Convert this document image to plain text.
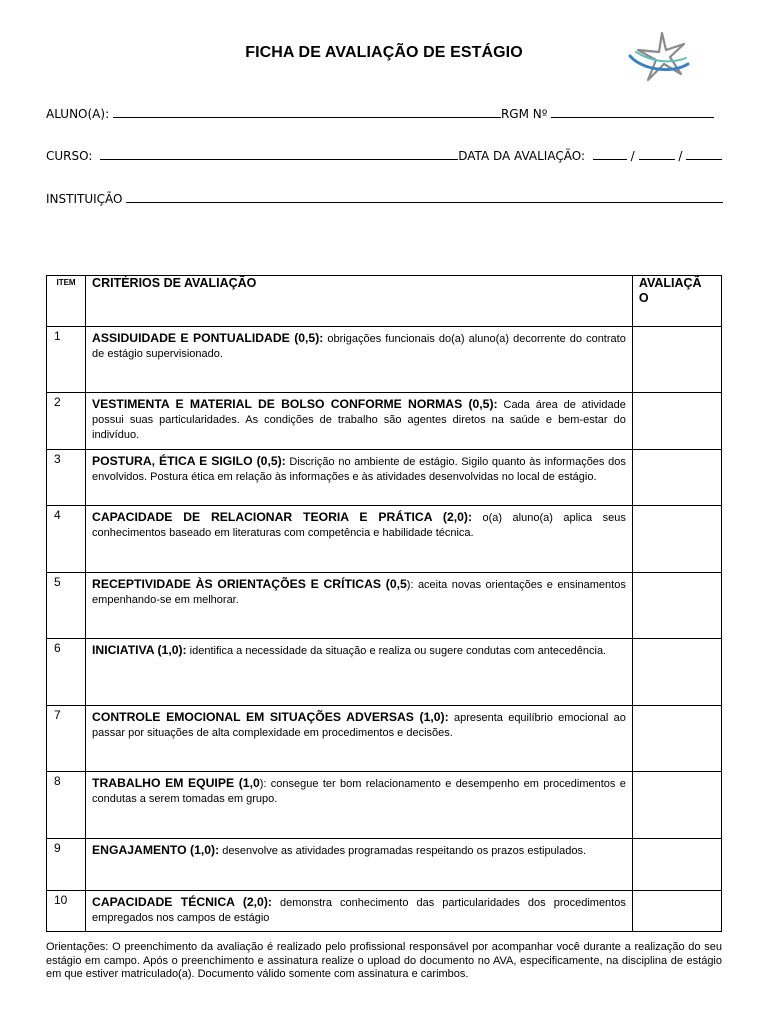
FICHA DE AVALIAÇÃO DE ESTÁGIO
ALUNO(A):	RGM Nº
CURSO:	DATA DA AVALIAÇÃO:	/	/
INSTITUIÇÃO
ITEM	CRITÉRIOS DE AVALIAÇÃO	AVALIAÇÃ
O
1	ASSIDUIDADE E PONTUALIDADE (0,5): obrigações funcionais do(a) aluno(a) decorrente do contrato de estágio supervisionado.	
2	VESTIMENTA E MATERIAL DE BOLSO CONFORME NORMAS (0,5): Cada área de atividade possui suas particularidades. As condições de trabalho são agentes diretos na saúde e bem-estar do indivíduo.	
3	POSTURA, ÉTICA E SIGILO (0,5): Discrição no ambiente de estágio. Sigilo quanto às informações dos envolvidos. Postura ética em relação às informações e às atividades desenvolvidas no local de estágio.	
4	CAPACIDADE DE RELACIONAR TEORIA E PRÁTICA (2,0): o(a) aluno(a) aplica seus conhecimentos baseado em literaturas com competência e habilidade técnica.	
5	RECEPTIVIDADE ÀS ORIENTAÇÕES E CRÍTICAS (0,5): aceita novas orientações e ensinamentos empenhando-se em melhorar.	
6	INICIATIVA (1,0): identifica a necessidade da situação e realiza ou sugere condutas com antecedência.	
7	CONTROLE EMOCIONAL EM SITUAÇÕES ADVERSAS (1,0): apresenta equilíbrio emocional ao passar por situações de alta complexidade em procedimentos e decisões.	
8	TRABALHO EM EQUIPE (1,0): consegue ter bom relacionamento e desempenho em procedimentos e condutas a serem tomadas em grupo.	
9	ENGAJAMENTO (1,0): desenvolve as atividades programadas respeitando os prazos estipulados.	
10	CAPACIDADE TÉCNICA (2,0): demonstra conhecimento das particularidades dos procedimentos empregados nos campos de estágio	
Orientações: O preenchimento da avaliação é realizado pelo profissional responsável por acompanhar você durante a realização do seu estágio em campo. Após o preenchimento e assinatura realize o upload do documento no AVA, especificamente, na disciplina de estágio em que estiver matriculado(a). Documento válido somente com assinatura e carimbos.
